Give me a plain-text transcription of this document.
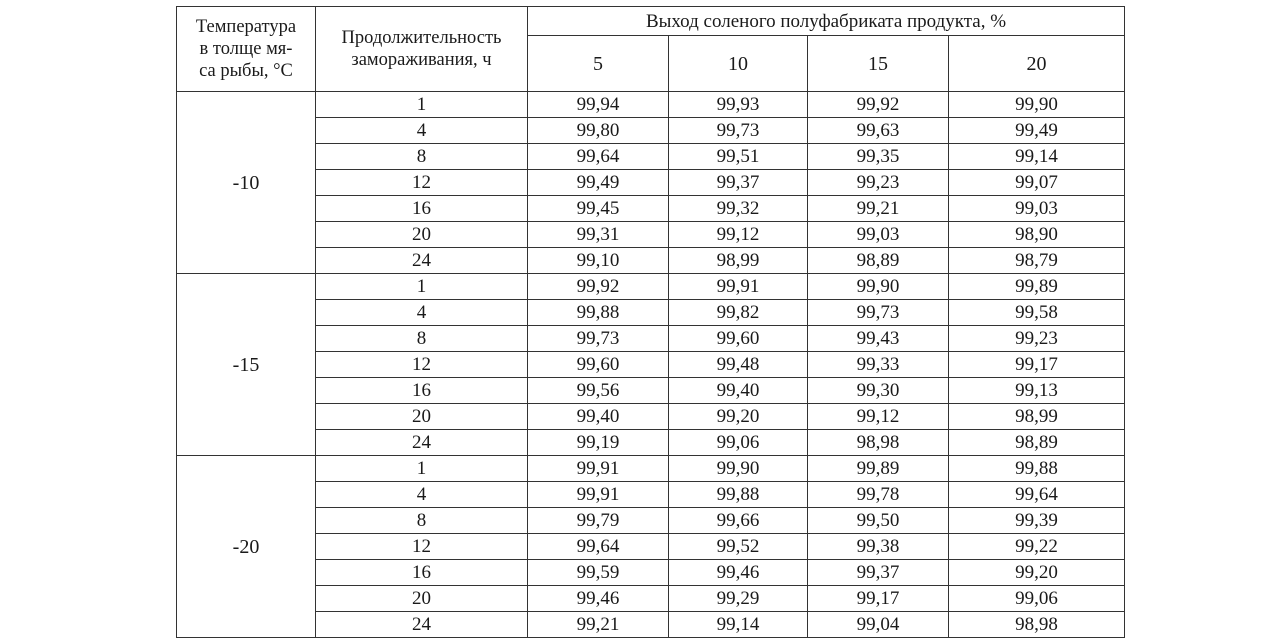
Температура
в толще мя-
са рыбы, °С	Продолжительность
замораживания, ч	Выход соленого полуфабриката продукта, %			
		5	10	15	20
-10	1	99,94	99,93	99,92	99,90
	4	99,80	99,73	99,63	99,49
	8	99,64	99,51	99,35	99,14
	12	99,49	99,37	99,23	99,07
	16	99,45	99,32	99,21	99,03
	20	99,31	99,12	99,03	98,90
	24	99,10	98,99	98,89	98,79
-15	1	99,92	99,91	99,90	99,89
	4	99,88	99,82	99,73	99,58
	8	99,73	99,60	99,43	99,23
	12	99,60	99,48	99,33	99,17
	16	99,56	99,40	99,30	99,13
	20	99,40	99,20	99,12	98,99
	24	99,19	99,06	98,98	98,89
-20	1	99,91	99,90	99,89	99,88
	4	99,91	99,88	99,78	99,64
	8	99,79	99,66	99,50	99,39
	12	99,64	99,52	99,38	99,22
	16	99,59	99,46	99,37	99,20
	20	99,46	99,29	99,17	99,06
	24	99,21	99,14	99,04	98,98
